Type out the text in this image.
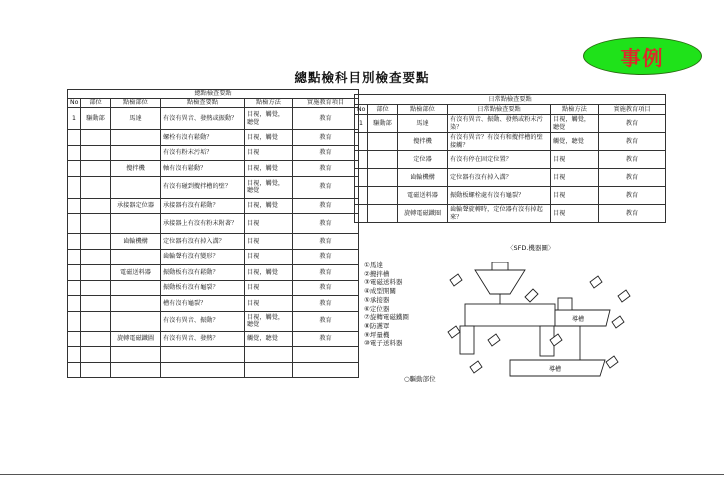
事例
總點檢科目別檢查要點
總點檢查要點					
No	部位	點檢部位	點檢查要點	點檢方法	實施教育項目
1	驅動部	馬達	有沒有異音、發熱或振動？	目視，觸覺，聽覺	教育
			螺栓有沒有鬆動？	目視，觸覺	教育
			有沒有粉末污垢？	目視	教育
		攪拌機	軸有沒有鬆動？	目視，觸覺	教育
			有沒有碰到攪拌槽的壁？	目視，觸覺，聽覺	教育
		承接器定位器	承接器有沒有鬆動？	目視，觸覺	教育
			承接器上有沒有粉末附著？	目視	教育
		齒輪機構	定位器有沒有掉入溝？	目視	教育
			齒輪聲有沒有變形？	目視	教育
		電磁送料器	振動板有沒有鬆動？	目視，觸覺	教育
			振動板有沒有龜裂？	目視	教育
			槽有沒有龜裂？	目視	教育
			有沒有異音、振動？	目視，觸覺，聽覺	教育
		旋轉電磁鐵圖	有沒有異音、發熱？	觸覺，聽覺	教育

日常點檢查要點					
No	部位	點檢部位	日常點檢查要點	點檢方法	實施教育項目
1	驅動部	馬達	有沒有異音、振動、發熱或粉末污染？	目視，觸覺，聽覺	教育
		攪拌機	有沒有異音？有沒有和攪拌槽的壁接觸？	觸覺，聽覺	教育
		定位器	有沒有停在固定位置？	目視	教育
		齒輪機構	定位器有沒有掉入溝？	目視	教育
		電磁送料器	振動板螺栓處有沒有龜裂？	目視	教育
		旋轉電磁鐵圈	齒輪聲旋轉時，定位器有沒有掉起來？	目視	教育
〈SFD.機器圖〉
①馬達
②攪拌槽
③電磁送料器
④成型開關
⑤承接器
⑥定位器
⑦旋轉電磁鐵圈
⑧防護罩
⑨坪量機
⑩電子送料器
○驅動部位
導槽
導槽
